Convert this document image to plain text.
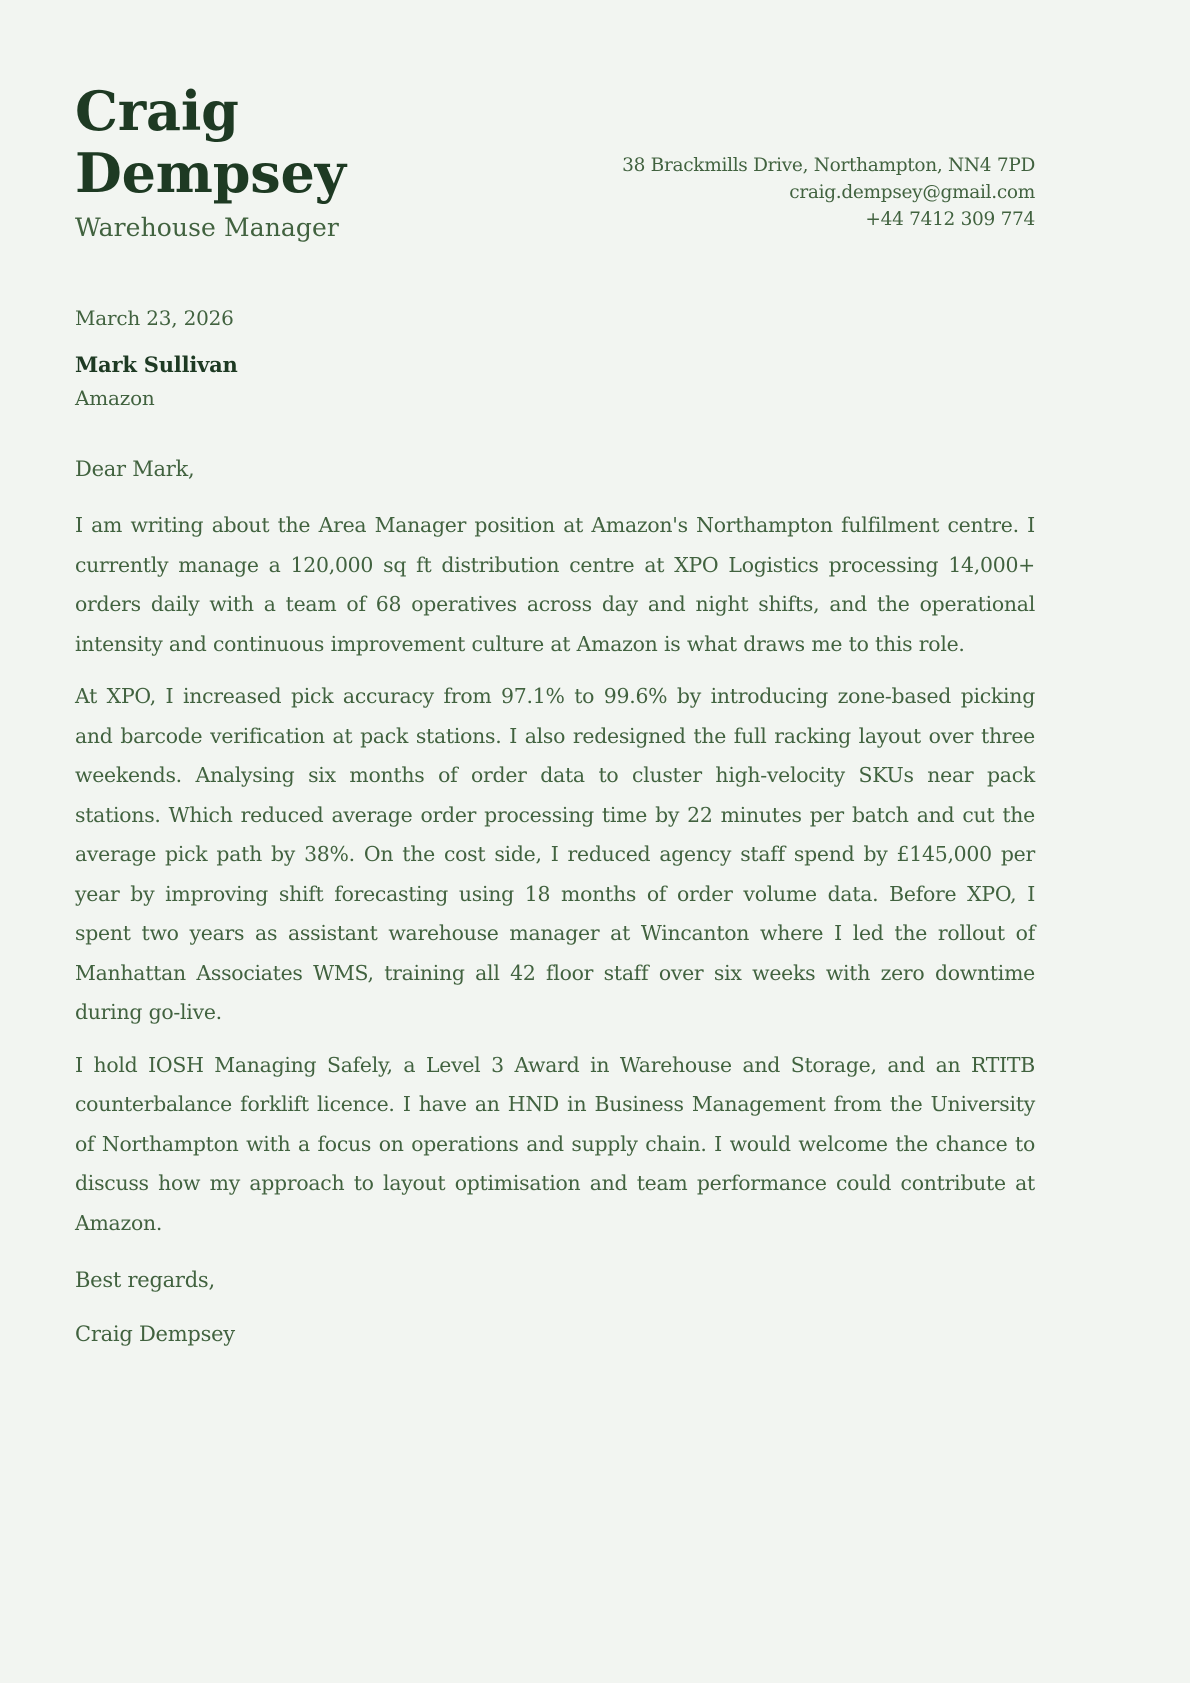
Craig Dempsey
Warehouse Manager
38 Brackmills Drive, Northampton, NN4 7PD
craig.dempsey@gmail.com
+44 7412 309 774
March 23, 2026
Mark Sullivan
Amazon
Dear Mark,

I am writing about the Area Manager position at Amazon's Northampton fulfilment centre. I currently manage a 120,000 sq ft distribution centre at XPO Logistics processing 14,000+ orders daily with a team of 68 operatives across day and night shifts, and the operational intensity and continuous improvement culture at Amazon is what draws me to this role.

At XPO, I increased pick accuracy from 97.1% to 99.6% by introducing zone-based picking and barcode verification at pack stations. I also redesigned the full racking layout over three weekends. Analysing six months of order data to cluster high-velocity SKUs near pack stations. Which reduced average order processing time by 22 minutes per batch and cut the average pick path by 38%. On the cost side, I reduced agency staff spend by £145,000 per year by improving shift forecasting using 18 months of order volume data. Before XPO, I spent two years as assistant warehouse manager at Wincanton where I led the rollout of Manhattan Associates WMS, training all 42 floor staff over six weeks with zero downtime during go-live.

I hold IOSH Managing Safely, a Level 3 Award in Warehouse and Storage, and an RTITB counterbalance forklift licence. I have an HND in Business Management from the University of Northampton with a focus on operations and supply chain. I would welcome the chance to discuss how my approach to layout optimisation and team performance could contribute at Amazon.

Best regards,
Craig Dempsey
